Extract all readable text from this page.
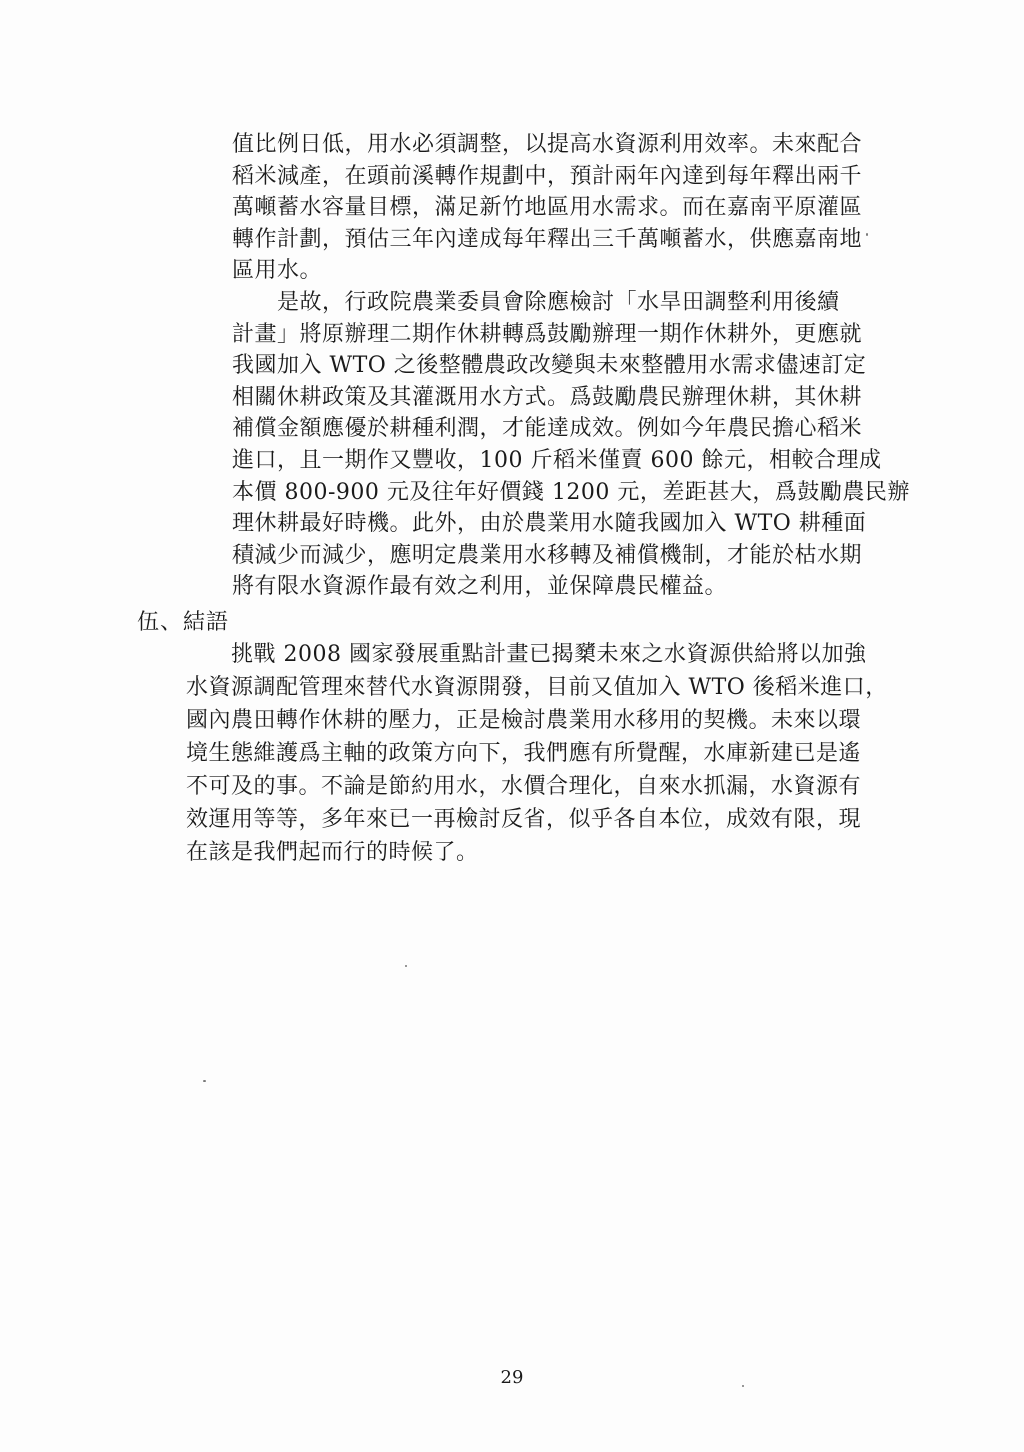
值比例日低，用水必須調整，以提高水資源利用效率。未來配合
稻米減產，在頭前溪轉作規劃中，預計兩年內達到每年釋出兩千
萬噸蓄水容量目標，滿足新竹地區用水需求。而在嘉南平原灌區
轉作計劃，預估三年內達成每年釋出三千萬噸蓄水，供應嘉南地
區用水。
　　是故，行政院農業委員會除應檢討「水旱田調整利用後續
計畫」將原辦理二期作休耕轉爲鼓勵辦理一期作休耕外，更應就
我國加入 WTO 之後整體農政改變與未來整體用水需求儘速訂定
相關休耕政策及其灌溉用水方式。爲鼓勵農民辦理休耕，其休耕
補償金額應優於耕種利潤，才能達成效。例如今年農民擔心稻米
進口，且一期作又豐收，100 斤稻米僅賣 600 餘元，相較合理成
本價 800-900 元及往年好價錢 1200 元，差距甚大，爲鼓勵農民辦
理休耕最好時機。此外，由於農業用水隨我國加入 WTO 耕種面
積減少而減少，應明定農業用水移轉及補償機制，才能於枯水期
將有限水資源作最有效之利用，並保障農民權益。
伍、結語
　　挑戰 2008 國家發展重點計畫已揭櫫未來之水資源供給將以加強
水資源調配管理來替代水資源開發，目前又值加入 WTO 後稻米進口，
國內農田轉作休耕的壓力，正是檢討農業用水移用的契機。未來以環
境生態維護爲主軸的政策方向下，我們應有所覺醒，水庫新建已是遙
不可及的事。不論是節約用水，水價合理化，自來水抓漏，水資源有
效運用等等，多年來已一再檢討反省，似乎各自本位，成效有限，現
在該是我們起而行的時候了。
29
